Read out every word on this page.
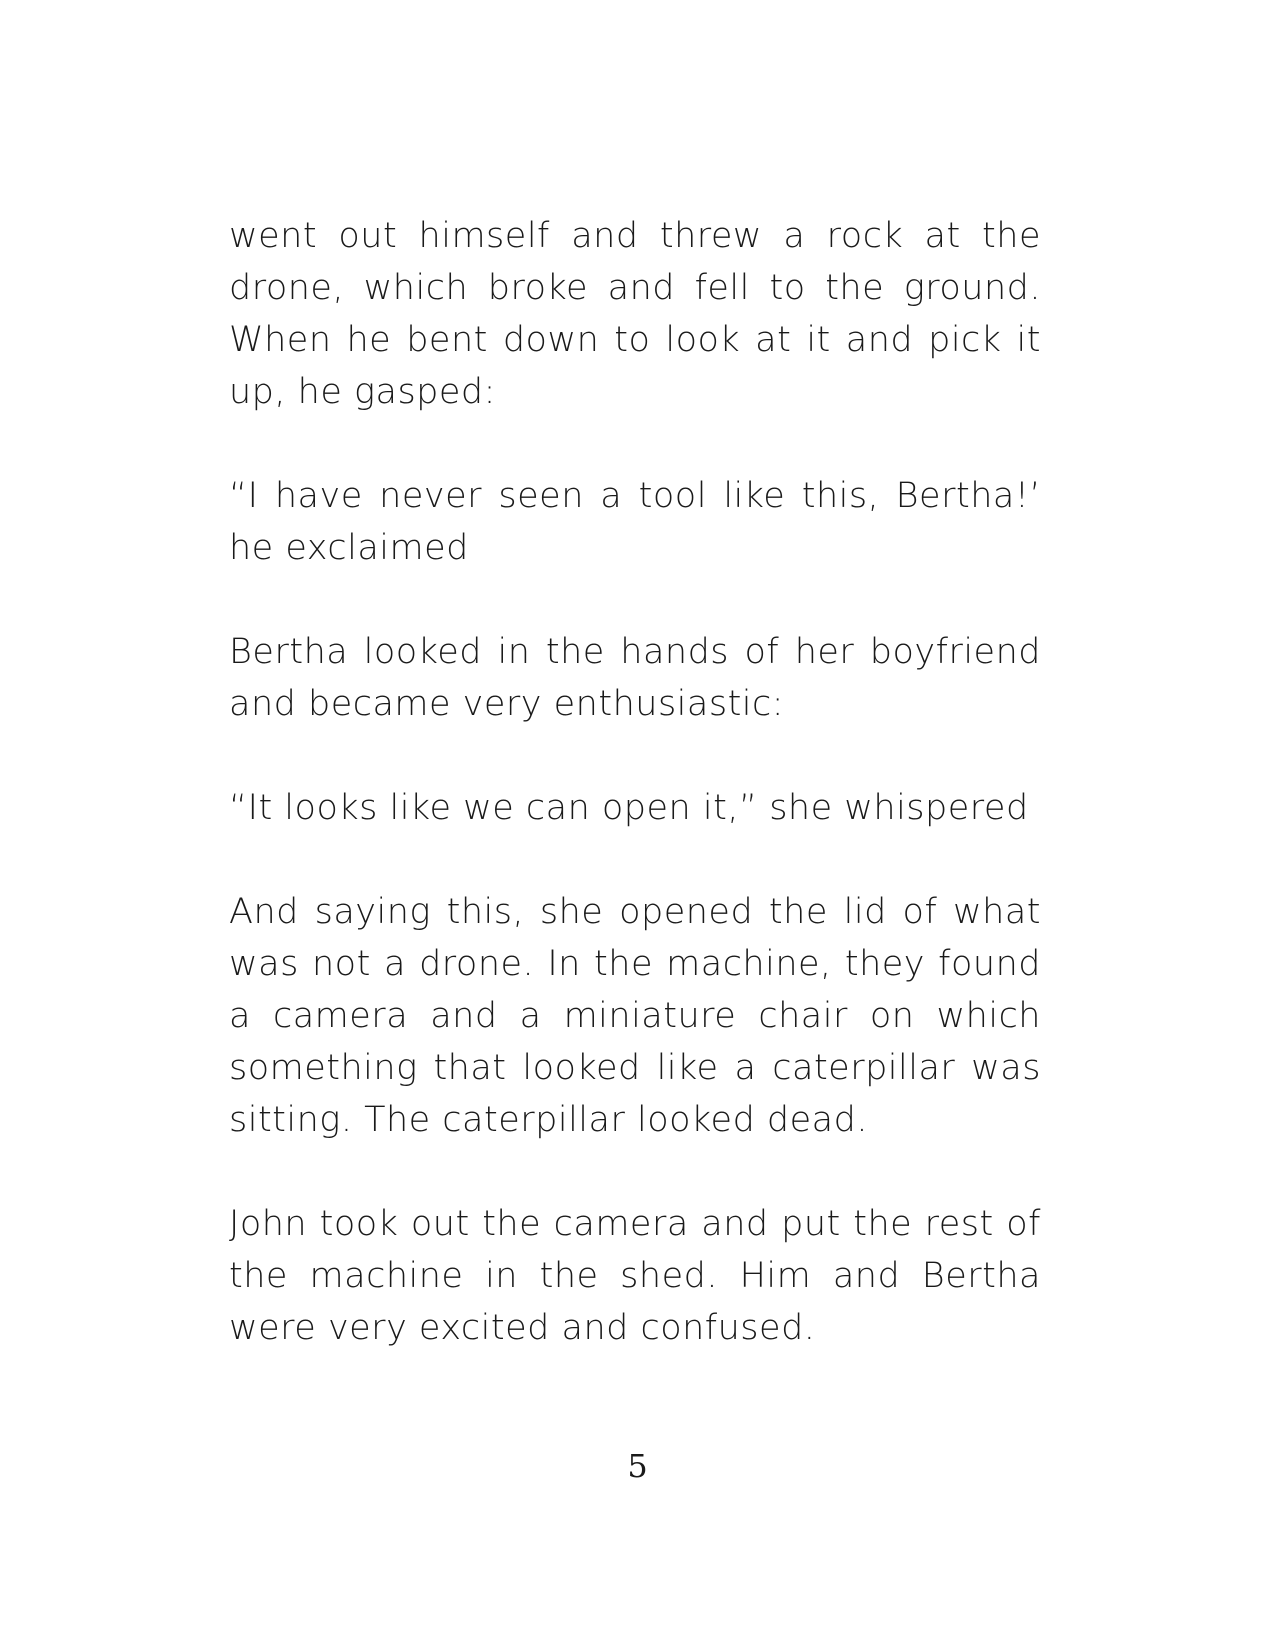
went out himself and threw a rock at the drone, which broke and fell to the ground. When he bent down to look at it and pick it up, he gasped:

“I have never seen a tool like this, Bertha!’ he exclaimed

Bertha looked in the hands of her boyfriend and became very enthusiastic:

“It looks like we can open it,” she whispered

And saying this, she opened the lid of what was not a drone. In the machine, they found a camera and a miniature chair on which something that looked like a caterpillar was sitting. The caterpillar looked dead.

John took out the camera and put the rest of the machine in the shed. Him and Bertha were very excited and confused.

5
